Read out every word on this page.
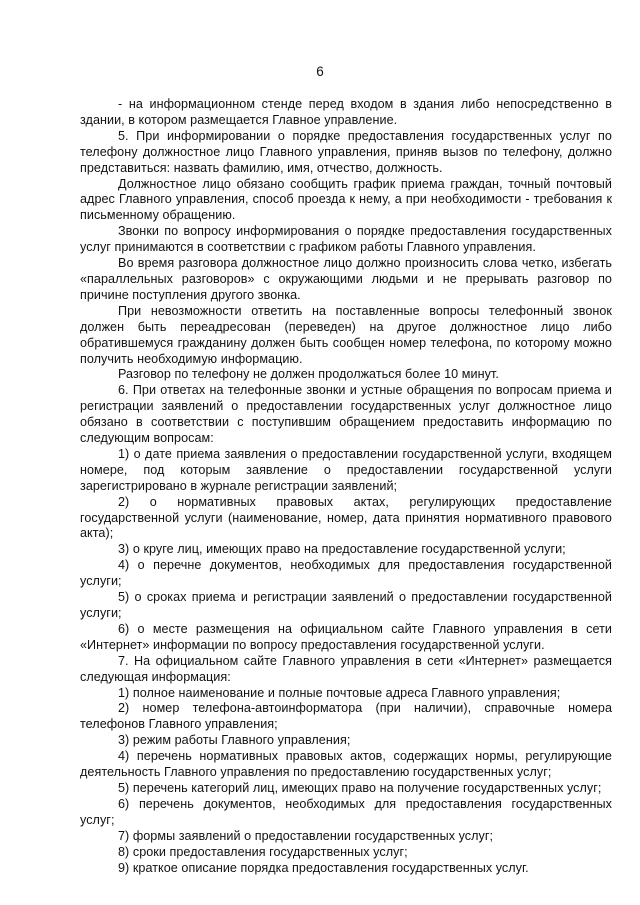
6

- на информационном стенде перед входом в здания либо непосредственно в здании, в котором размещается Главное управление.

5. При информировании о порядке предоставления государственных услуг по телефону должностное лицо Главного управления, приняв вызов по телефону, должно представиться: назвать фамилию, имя, отчество, должность.

Должностное лицо обязано сообщить график приема граждан, точный почтовый адрес Главного управления, способ проезда к нему, а при необходимости - требования к письменному обращению.

Звонки по вопросу информирования о порядке предоставления государственных услуг принимаются в соответствии с графиком работы Главного управления.

Во время разговора должностное лицо должно произносить слова четко, избегать «параллельных разговоров» с окружающими людьми и не прерывать разговор по причине поступления другого звонка.

При невозможности ответить на поставленные вопросы телефонный звонок должен быть переадресован (переведен) на другое должностное лицо либо обратившемуся гражданину должен быть сообщен номер телефона, по которому можно получить необходимую информацию.

Разговор по телефону не должен продолжаться более 10 минут.

6. При ответах на телефонные звонки и устные обращения по вопросам приема и регистрации заявлений о предоставлении государственных услуг должностное лицо обязано в соответствии с поступившим обращением предоставить информацию по следующим вопросам:

1) о дате приема заявления о предоставлении государственной услуги, входящем номере, под которым заявление о предоставлении государственной услуги зарегистрировано в журнале регистрации заявлений;

2) о нормативных правовых актах, регулирующих предоставление государственной услуги (наименование, номер, дата принятия нормативного правового акта);

3) о круге лиц, имеющих право на предоставление государственной услуги;

4) о перечне документов, необходимых для предоставления государственной услуги;

5) о сроках приема и регистрации заявлений о предоставлении государственной услуги;

6) о месте размещения на официальном сайте Главного управления в сети «Интернет» информации по вопросу предоставления государственной услуги.

7. На официальном сайте Главного управления в сети «Интернет» размещается следующая информация:

1) полное наименование и полные почтовые адреса Главного управления;

2) номер телефона-автоинформатора (при наличии), справочные номера телефонов Главного управления;

3) режим работы Главного управления;

4) перечень нормативных правовых актов, содержащих нормы, регулирующие деятельность Главного управления по предоставлению государственных услуг;

5) перечень категорий лиц, имеющих право на получение государственных услуг;

6) перечень документов, необходимых для предоставления государственных услуг;

7) формы заявлений о предоставлении государственных услуг;

8) сроки предоставления государственных услуг;

9) краткое описание порядка предоставления государственных услуг.
